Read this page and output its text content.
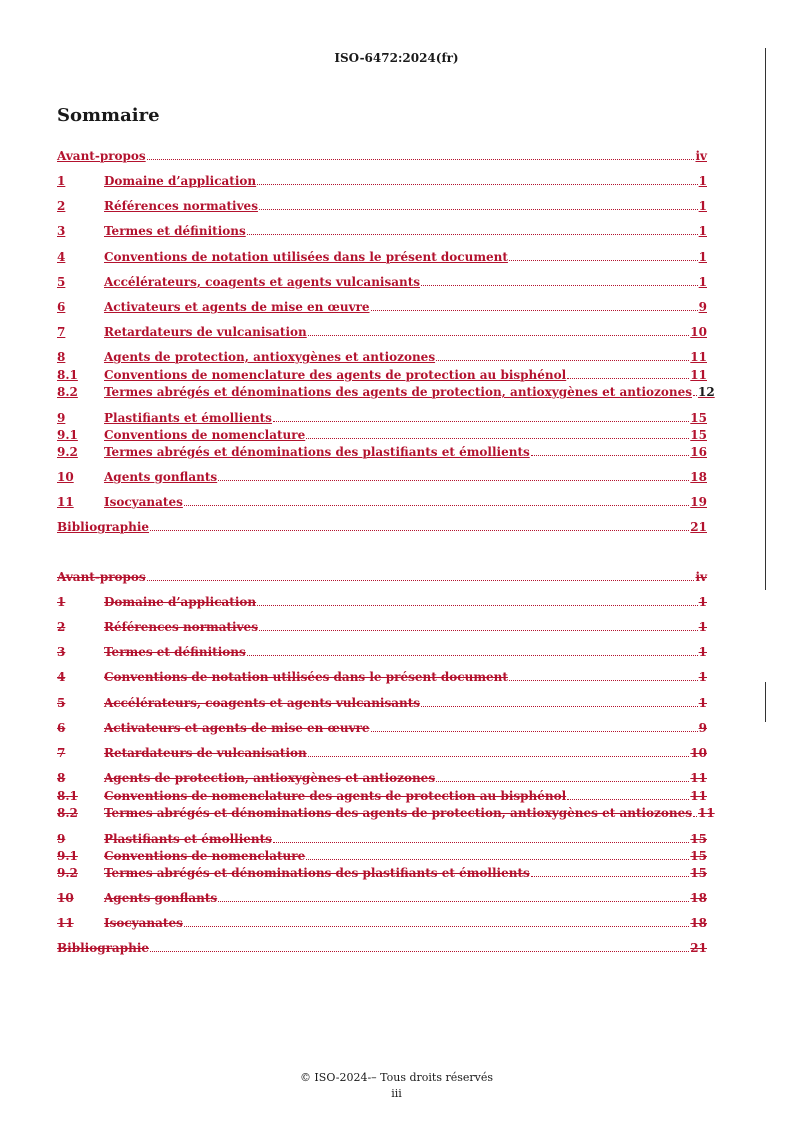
ISO-6472:2024(fr)
Sommaire
Avant-propos	iv
1	Domaine d’application	1
2	Références normatives	1
3	Termes et définitions	1
4	Conventions de notation utilisées dans le présent document	1
5	Accélérateurs, coagents et agents vulcanisants	1
6	Activateurs et agents de mise en œuvre	9
7	Retardateurs de vulcanisation	10
8	Agents de protection, antioxygènes et antiozones	11
8.1	Conventions de nomenclature des agents de protection au bisphénol	11
8.2	Termes abrégés et dénominations des agents de protection, antioxygènes et antiozones 12
9	Plastifiants et émollients	15
9.1	Conventions de nomenclature	15
9.2	Termes abrégés et dénominations des plastifiants et émollients	16
10	Agents gonflants	18
11	Isocyanates	19
Bibliographie	21
Avant-propos	iv
1	Domaine d’application	1
2	Références normatives	1
3	Termes et définitions	1
4	Conventions de notation utilisées dans le présent document	1
5	Accélérateurs, coagents et agents vulcanisants	1
6	Activateurs et agents de mise en œuvre	9
7	Retardateurs de vulcanisation	10
8	Agents de protection, antioxygènes et antiozones	11
8.1	Conventions de nomenclature des agents de protection au bisphénol	11
8.2	Termes abrégés et dénominations des agents de protection, antioxygènes et antiozones 11
9	Plastifiants et émollients	15
9.1	Conventions de nomenclature	15
9.2	Termes abrégés et dénominations des plastifiants et émollients	15
10	Agents gonflants	18
11	Isocyanates	18
Bibliographie	21
© ISO-2024-– Tous droits réservés
iii
